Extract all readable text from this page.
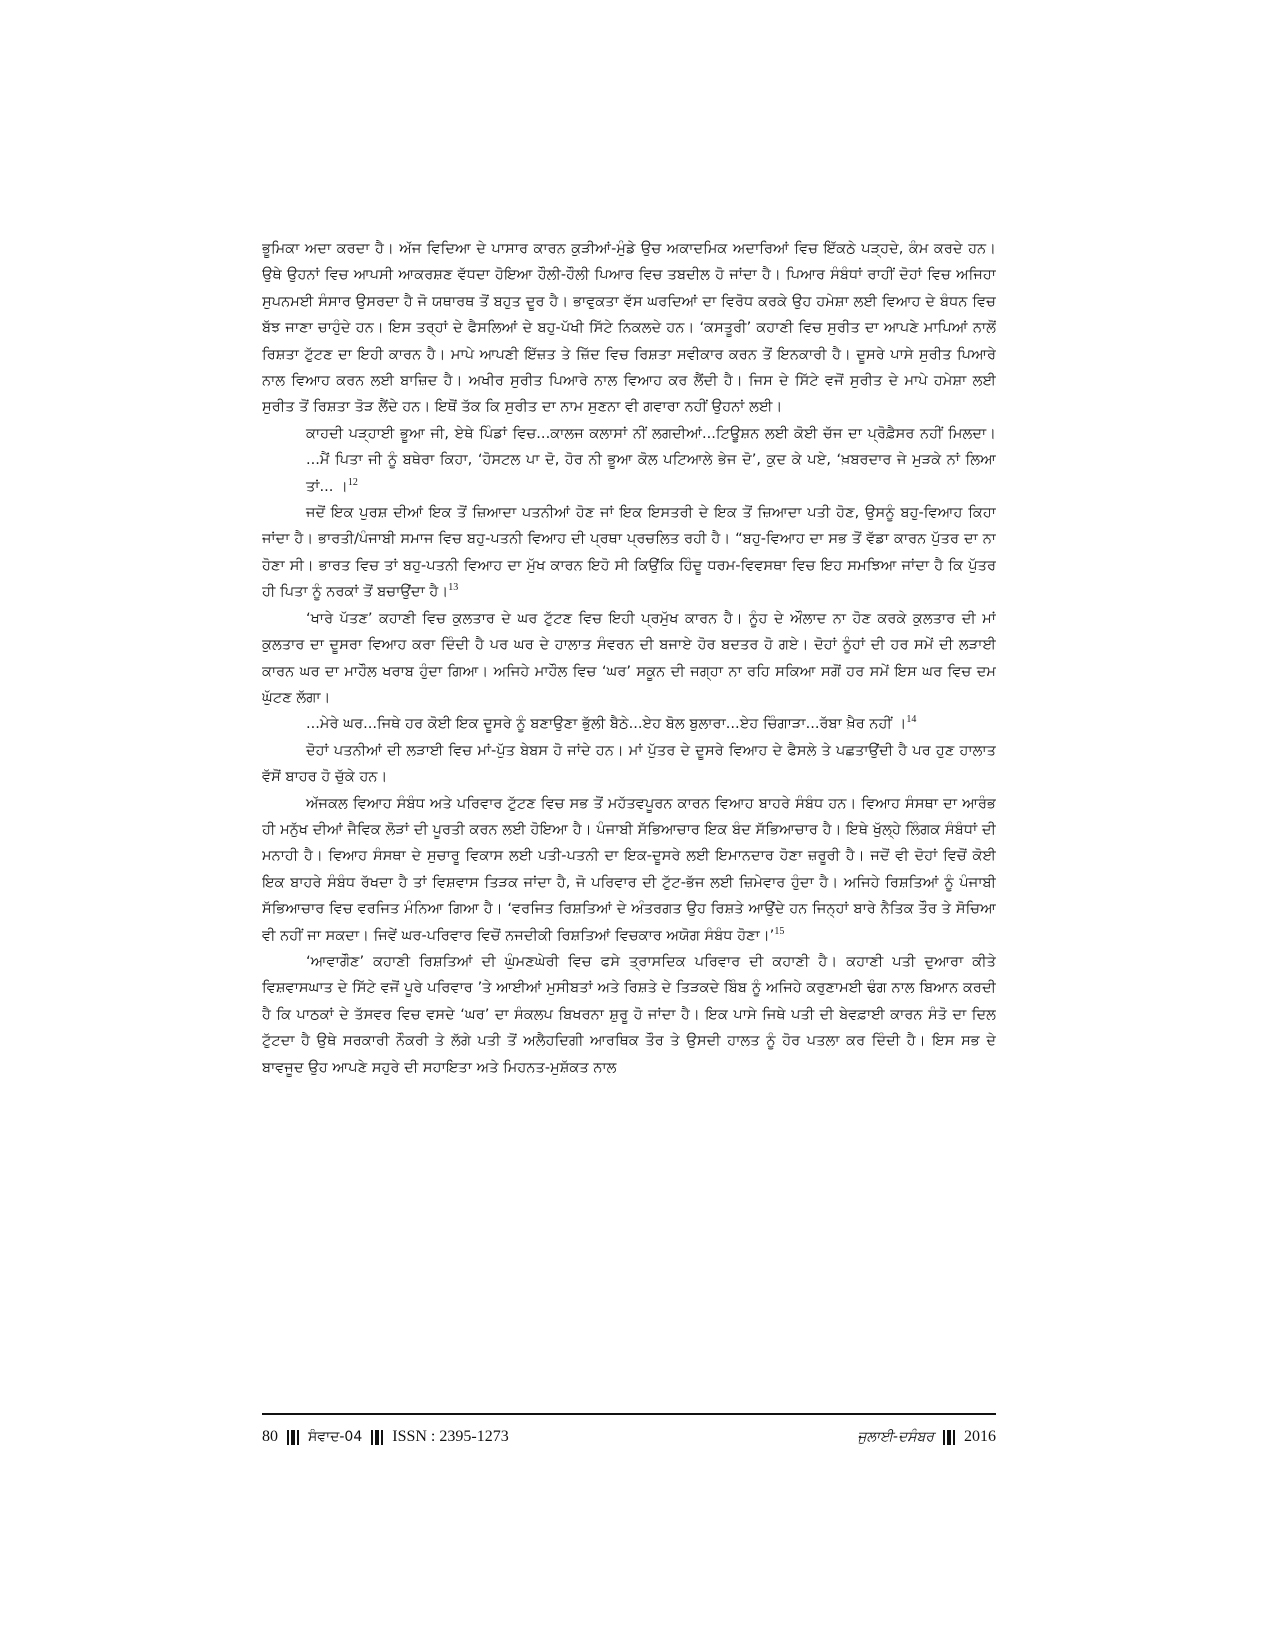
ਭੂਮਿਕਾ ਅਦਾ ਕਰਦਾ ਹੈ। ਅੱਜ ਵਿਦਿਆ ਦੇ ਪਾਸਾਰ ਕਾਰਨ ਕੁੜੀਆਂ-ਮੁੰਡੇ ਉਚ ਅਕਾਦਮਿਕ ਅਦਾਰਿਆਂ ਵਿਚ ਇੱਕਠੇ ਪੜ੍ਹਦੇ, ਕੰਮ ਕਰਦੇ ਹਨ। ਉਥੇ ਉਹਨਾਂ ਵਿਚ ਆਪਸੀ ਆਕਰਸ਼ਣ ਵੱਧਦਾ ਹੋਇਆ ਹੌਲੀ-ਹੌਲੀ ਪਿਆਰ ਵਿਚ ਤਬਦੀਲ ਹੋ ਜਾਂਦਾ ਹੈ। ਪਿਆਰ ਸੰਬੰਧਾਂ ਰਾਹੀਂ ਦੋਹਾਂ ਵਿਚ ਅਜਿਹਾ ਸੁਪਨਮਈ ਸੰਸਾਰ ਉਸਰਦਾ ਹੈ ਜੋ ਯਥਾਰਥ ਤੋਂ ਬਹੁਤ ਦੂਰ ਹੈ। ਭਾਵੁਕਤਾ ਵੱਸ ਘਰਦਿਆਂ ਦਾ ਵਿਰੋਧ ਕਰਕੇ ਉਹ ਹਮੇਸ਼ਾ ਲਈ ਵਿਆਹ ਦੇ ਬੰਧਨ ਵਿਚ ਬੱਝ ਜਾਣਾ ਚਾਹੁੰਦੇ ਹਨ। ਇਸ ਤਰ੍ਹਾਂ ਦੇ ਫੈਸਲਿਆਂ ਦੇ ਬਹੁ-ਪੱਖੀ ਸਿੱਟੇ ਨਿਕਲਦੇ ਹਨ। ‘ਕਸਤੂਰੀ’ ਕਹਾਣੀ ਵਿਚ ਸੁਰੀਤ ਦਾ ਆਪਣੇ ਮਾਪਿਆਂ ਨਾਲੋਂ ਰਿਸ਼ਤਾ ਟੁੱਟਣ ਦਾ ਇਹੀ ਕਾਰਨ ਹੈ। ਮਾਪੇ ਆਪਣੀ ਇੱਜ਼ਤ ਤੇ ਜ਼ਿੱਦ ਵਿਚ ਰਿਸ਼ਤਾ ਸਵੀਕਾਰ ਕਰਨ ਤੋਂ ਇਨਕਾਰੀ ਹੈ। ਦੂਸਰੇ ਪਾਸੇ ਸੁਰੀਤ ਪਿਆਰੇ ਨਾਲ ਵਿਆਹ ਕਰਨ ਲਈ ਬਾਜ਼ਿਦ ਹੈ। ਅਖੀਰ ਸੁਰੀਤ ਪਿਆਰੇ ਨਾਲ ਵਿਆਹ ਕਰ ਲੈਂਦੀ ਹੈ। ਜਿਸ ਦੇ ਸਿੱਟੇ ਵਜੋਂ ਸੁਰੀਤ ਦੇ ਮਾਪੇ ਹਮੇਸ਼ਾ ਲਈ ਸੁਰੀਤ ਤੋਂ ਰਿਸ਼ਤਾ ਤੋੜ ਲੈਂਦੇ ਹਨ। ਇਥੋਂ ਤੱਕ ਕਿ ਸੁਰੀਤ ਦਾ ਨਾਮ ਸੁਣਨਾ ਵੀ ਗਵਾਰਾ ਨਹੀਂ ਉਹਨਾਂ ਲਈ।

ਕਾਹਦੀ ਪੜ੍ਹਾਈ ਭੂਆ ਜੀ, ਏਥੇ ਪਿੰਡਾਂ ਵਿਚ...ਕਾਲਜ ਕਲਾਸਾਂ ਨੀਂ ਲਗਦੀਆਂ...ਟਿਊਸ਼ਨ ਲਈ ਕੋਈ ਚੱਜ ਦਾ ਪ੍ਰੋਫ਼ੈਸਰ ਨਹੀਂ ਮਿਲਦਾ। ...ਮੈਂ ਪਿਤਾ ਜੀ ਨੂੰ ਬਥੇਰਾ ਕਿਹਾ, ‘ਹੋਸਟਲ ਪਾ ਦੋ, ਹੋਰ ਨੀ ਭੂਆ ਕੋਲ ਪਟਿਆਲੇ ਭੇਜ ਦੋ’, ਕੁਦ ਕੇ ਪਏ, ‘ਖ਼ਬਰਦਾਰ ਜੇ ਮੁੜਕੇ ਨਾਂ ਲਿਆ ਤਾਂ... ।$^{12}$

ਜਦੋਂ ਇਕ ਪੁਰਸ਼ ਦੀਆਂ ਇਕ ਤੋਂ ਜ਼ਿਆਦਾ ਪਤਨੀਆਂ ਹੋਣ ਜਾਂ ਇਕ ਇਸਤਰੀ ਦੇ ਇਕ ਤੋਂ ਜ਼ਿਆਦਾ ਪਤੀ ਹੋਣ, ਉਸਨੂੰ ਬਹੁ-ਵਿਆਹ ਕਿਹਾ ਜਾਂਦਾ ਹੈ। ਭਾਰਤੀ/ਪੰਜਾਬੀ ਸਮਾਜ ਵਿਚ ਬਹੁ-ਪਤਨੀ ਵਿਆਹ ਦੀ ਪ੍ਰਥਾ ਪ੍ਰਚਲਿਤ ਰਹੀ ਹੈ। “ਬਹੁ-ਵਿਆਹ ਦਾ ਸਭ ਤੋਂ ਵੱਡਾ ਕਾਰਨ ਪੁੱਤਰ ਦਾ ਨਾ ਹੋਣਾ ਸੀ। ਭਾਰਤ ਵਿਚ ਤਾਂ ਬਹੁ-ਪਤਨੀ ਵਿਆਹ ਦਾ ਮੁੱਖ ਕਾਰਨ ਇਹੋ ਸੀ ਕਿਉਂਕਿ ਹਿੰਦੂ ਧਰਮ-ਵਿਵਸਥਾ ਵਿਚ ਇਹ ਸਮਝਿਆ ਜਾਂਦਾ ਹੈ ਕਿ ਪੁੱਤਰ ਹੀ ਪਿਤਾ ਨੂੰ ਨਰਕਾਂ ਤੋਂ ਬਚਾਉਂਦਾ ਹੈ।$^{13}$

‘ਖਾਰੇ ਪੱਤਣ’ ਕਹਾਣੀ ਵਿਚ ਕੁਲਤਾਰ ਦੇ ਘਰ ਟੁੱਟਣ ਵਿਚ ਇਹੀ ਪ੍ਰਮੁੱਖ ਕਾਰਨ ਹੈ। ਨੂੰਹ ਦੇ ਔਲਾਦ ਨਾ ਹੋਣ ਕਰਕੇ ਕੁਲਤਾਰ ਦੀ ਮਾਂ ਕੁਲਤਾਰ ਦਾ ਦੂਸਰਾ ਵਿਆਹ ਕਰਾ ਦਿੰਦੀ ਹੈ ਪਰ ਘਰ ਦੇ ਹਾਲਾਤ ਸੰਵਰਨ ਦੀ ਬਜਾਏ ਹੋਰ ਬਦਤਰ ਹੋ ਗਏ। ਦੋਹਾਂ ਨੂੰਹਾਂ ਦੀ ਹਰ ਸਮੇਂ ਦੀ ਲੜਾਈ ਕਾਰਨ ਘਰ ਦਾ ਮਾਹੌਲ ਖਰਾਬ ਹੁੰਦਾ ਗਿਆ। ਅਜਿਹੇ ਮਾਹੌਲ ਵਿਚ ‘ਘਰ’ ਸਕੂਨ ਦੀ ਜਗ੍ਹਾ ਨਾ ਰਹਿ ਸਕਿਆ ਸਗੋਂ ਹਰ ਸਮੇਂ ਇਸ ਘਰ ਵਿਚ ਦਮ ਘੁੱਟਣ ਲੱਗਾ।

...ਮੇਰੇ ਘਰ...ਜਿਥੇ ਹਰ ਕੋਈ ਇਕ ਦੂਸਰੇ ਨੂੰ ਬਣਾਉਣਾ ਭੁੱਲੀ ਬੈਠੇ...ਏਹ ਬੋਲ ਬੁਲਾਰਾ...ਏਹ ਚਿੰਗਾੜਾ...ਰੱਬਾ ਖ਼ੈਰ ਨਹੀਂ ।$^{14}$

ਦੋਹਾਂ ਪਤਨੀਆਂ ਦੀ ਲੜਾਈ ਵਿਚ ਮਾਂ-ਪੁੱਤ ਬੇਬਸ ਹੋ ਜਾਂਦੇ ਹਨ। ਮਾਂ ਪੁੱਤਰ ਦੇ ਦੂਸਰੇ ਵਿਆਹ ਦੇ ਫੈਸਲੇ ਤੇ ਪਛਤਾਉਂਦੀ ਹੈ ਪਰ ਹੁਣ ਹਾਲਾਤ ਵੱਸੋਂ ਬਾਹਰ ਹੋ ਚੁੱਕੇ ਹਨ।

ਅੱਜਕਲ ਵਿਆਹ ਸੰਬੰਧ ਅਤੇ ਪਰਿਵਾਰ ਟੁੱਟਣ ਵਿਚ ਸਭ ਤੋਂ ਮਹੱਤਵਪੂਰਨ ਕਾਰਨ ਵਿਆਹ ਬਾਹਰੇ ਸੰਬੰਧ ਹਨ। ਵਿਆਹ ਸੰਸਥਾ ਦਾ ਆਰੰਭ ਹੀ ਮਨੁੱਖ ਦੀਆਂ ਜੈਵਿਕ ਲੋੜਾਂ ਦੀ ਪੂਰਤੀ ਕਰਨ ਲਈ ਹੋਇਆ ਹੈ। ਪੰਜਾਬੀ ਸੱਭਿਆਚਾਰ ਇਕ ਬੰਦ ਸੱਭਿਆਚਾਰ ਹੈ। ਇਥੇ ਖੁੱਲ੍ਹੇ ਲਿੰਗਕ ਸੰਬੰਧਾਂ ਦੀ ਮਨਾਹੀ ਹੈ। ਵਿਆਹ ਸੰਸਥਾ ਦੇ ਸੁਚਾਰੂ ਵਿਕਾਸ ਲਈ ਪਤੀ-ਪਤਨੀ ਦਾ ਇਕ-ਦੂਸਰੇ ਲਈ ਇਮਾਨਦਾਰ ਹੋਣਾ ਜ਼ਰੂਰੀ ਹੈ। ਜਦੋਂ ਵੀ ਦੋਹਾਂ ਵਿਚੋਂ ਕੋਈ ਇਕ ਬਾਹਰੇ ਸੰਬੰਧ ਰੱਖਦਾ ਹੈ ਤਾਂ ਵਿਸ਼ਵਾਸ ਤਿੜਕ ਜਾਂਦਾ ਹੈ, ਜੋ ਪਰਿਵਾਰ ਦੀ ਟੁੱਟ-ਭੱਜ ਲਈ ਜ਼ਿਮੇਵਾਰ ਹੁੰਦਾ ਹੈ। ਅਜਿਹੇ ਰਿਸ਼ਤਿਆਂ ਨੂੰ ਪੰਜਾਬੀ ਸੱਭਿਆਚਾਰ ਵਿਚ ਵਰਜਿਤ ਮੰਨਿਆ ਗਿਆ ਹੈ। ‘ਵਰਜਿਤ ਰਿਸ਼ਤਿਆਂ ਦੇ ਅੰਤਰਗਤ ਉਹ ਰਿਸ਼ਤੇ ਆਉਂਦੇ ਹਨ ਜਿਨ੍ਹਾਂ ਬਾਰੇ ਨੈਤਿਕ ਤੌਰ ਤੇ ਸੋਚਿਆ ਵੀ ਨਹੀਂ ਜਾ ਸਕਦਾ। ਜਿਵੇਂ ਘਰ-ਪਰਿਵਾਰ ਵਿਚੋਂ ਨਜਦੀਕੀ ਰਿਸ਼ਤਿਆਂ ਵਿਚਕਾਰ ਅਯੋਗ ਸੰਬੰਧ ਹੋਣਾ।’$^{15}$

‘ਆਵਾਗੌਣ’ ਕਹਾਣੀ ਰਿਸ਼ਤਿਆਂ ਦੀ ਘੁੰਮਣਘੇਰੀ ਵਿਚ ਫਸੇ ਤ੍ਰਾਸਦਿਕ ਪਰਿਵਾਰ ਦੀ ਕਹਾਣੀ ਹੈ। ਕਹਾਣੀ ਪਤੀ ਦੁਆਰਾ ਕੀਤੇ ਵਿਸ਼ਵਾਸਘਾਤ ਦੇ ਸਿੱਟੇ ਵਜੋਂ ਪੂਰੇ ਪਰਿਵਾਰ ’ਤੇ ਆਈਆਂ ਮੁਸੀਬਤਾਂ ਅਤੇ ਰਿਸ਼ਤੇ ਦੇ ਤਿੜਕਦੇ ਬਿੰਬ ਨੂੰ ਅਜਿਹੇ ਕਰੁਣਾਮਈ ਢੰਗ ਨਾਲ ਬਿਆਨ ਕਰਦੀ ਹੈ ਕਿ ਪਾਠਕਾਂ ਦੇ ਤੱਸਵਰ ਵਿਚ ਵਸਦੇ ‘ਘਰ’ ਦਾ ਸੰਕਲਪ ਬਿਖਰਨਾ ਸ਼ੁਰੂ ਹੋ ਜਾਂਦਾ ਹੈ। ਇਕ ਪਾਸੇ ਜਿਥੇ ਪਤੀ ਦੀ ਬੇਵਫ਼ਾਈ ਕਾਰਨ ਸੰਤੋ ਦਾ ਦਿਲ ਟੁੱਟਦਾ ਹੈ ਉਥੇ ਸਰਕਾਰੀ ਨੌਕਰੀ ਤੇ ਲੱਗੇ ਪਤੀ ਤੋਂ ਅਲੈਹਦਿਗੀ ਆਰਥਿਕ ਤੌਰ ਤੇ ਉਸਦੀ ਹਾਲਤ ਨੂੰ ਹੋਰ ਪਤਲਾ ਕਰ ਦਿੰਦੀ ਹੈ। ਇਸ ਸਭ ਦੇ ਬਾਵਜੂਦ ਉਹ ਆਪਣੇ ਸਹੁਰੇ ਦੀ ਸਹਾਇਤਾ ਅਤੇ ਮਿਹਨਤ-ਮੁਸ਼ੱਕਤ ਨਾਲ

80 ਸੰਵਾਦ-04 ISSN : 2395-1273	ਜੁਲਾਈ-ਦਸੰਬਰ 2016
